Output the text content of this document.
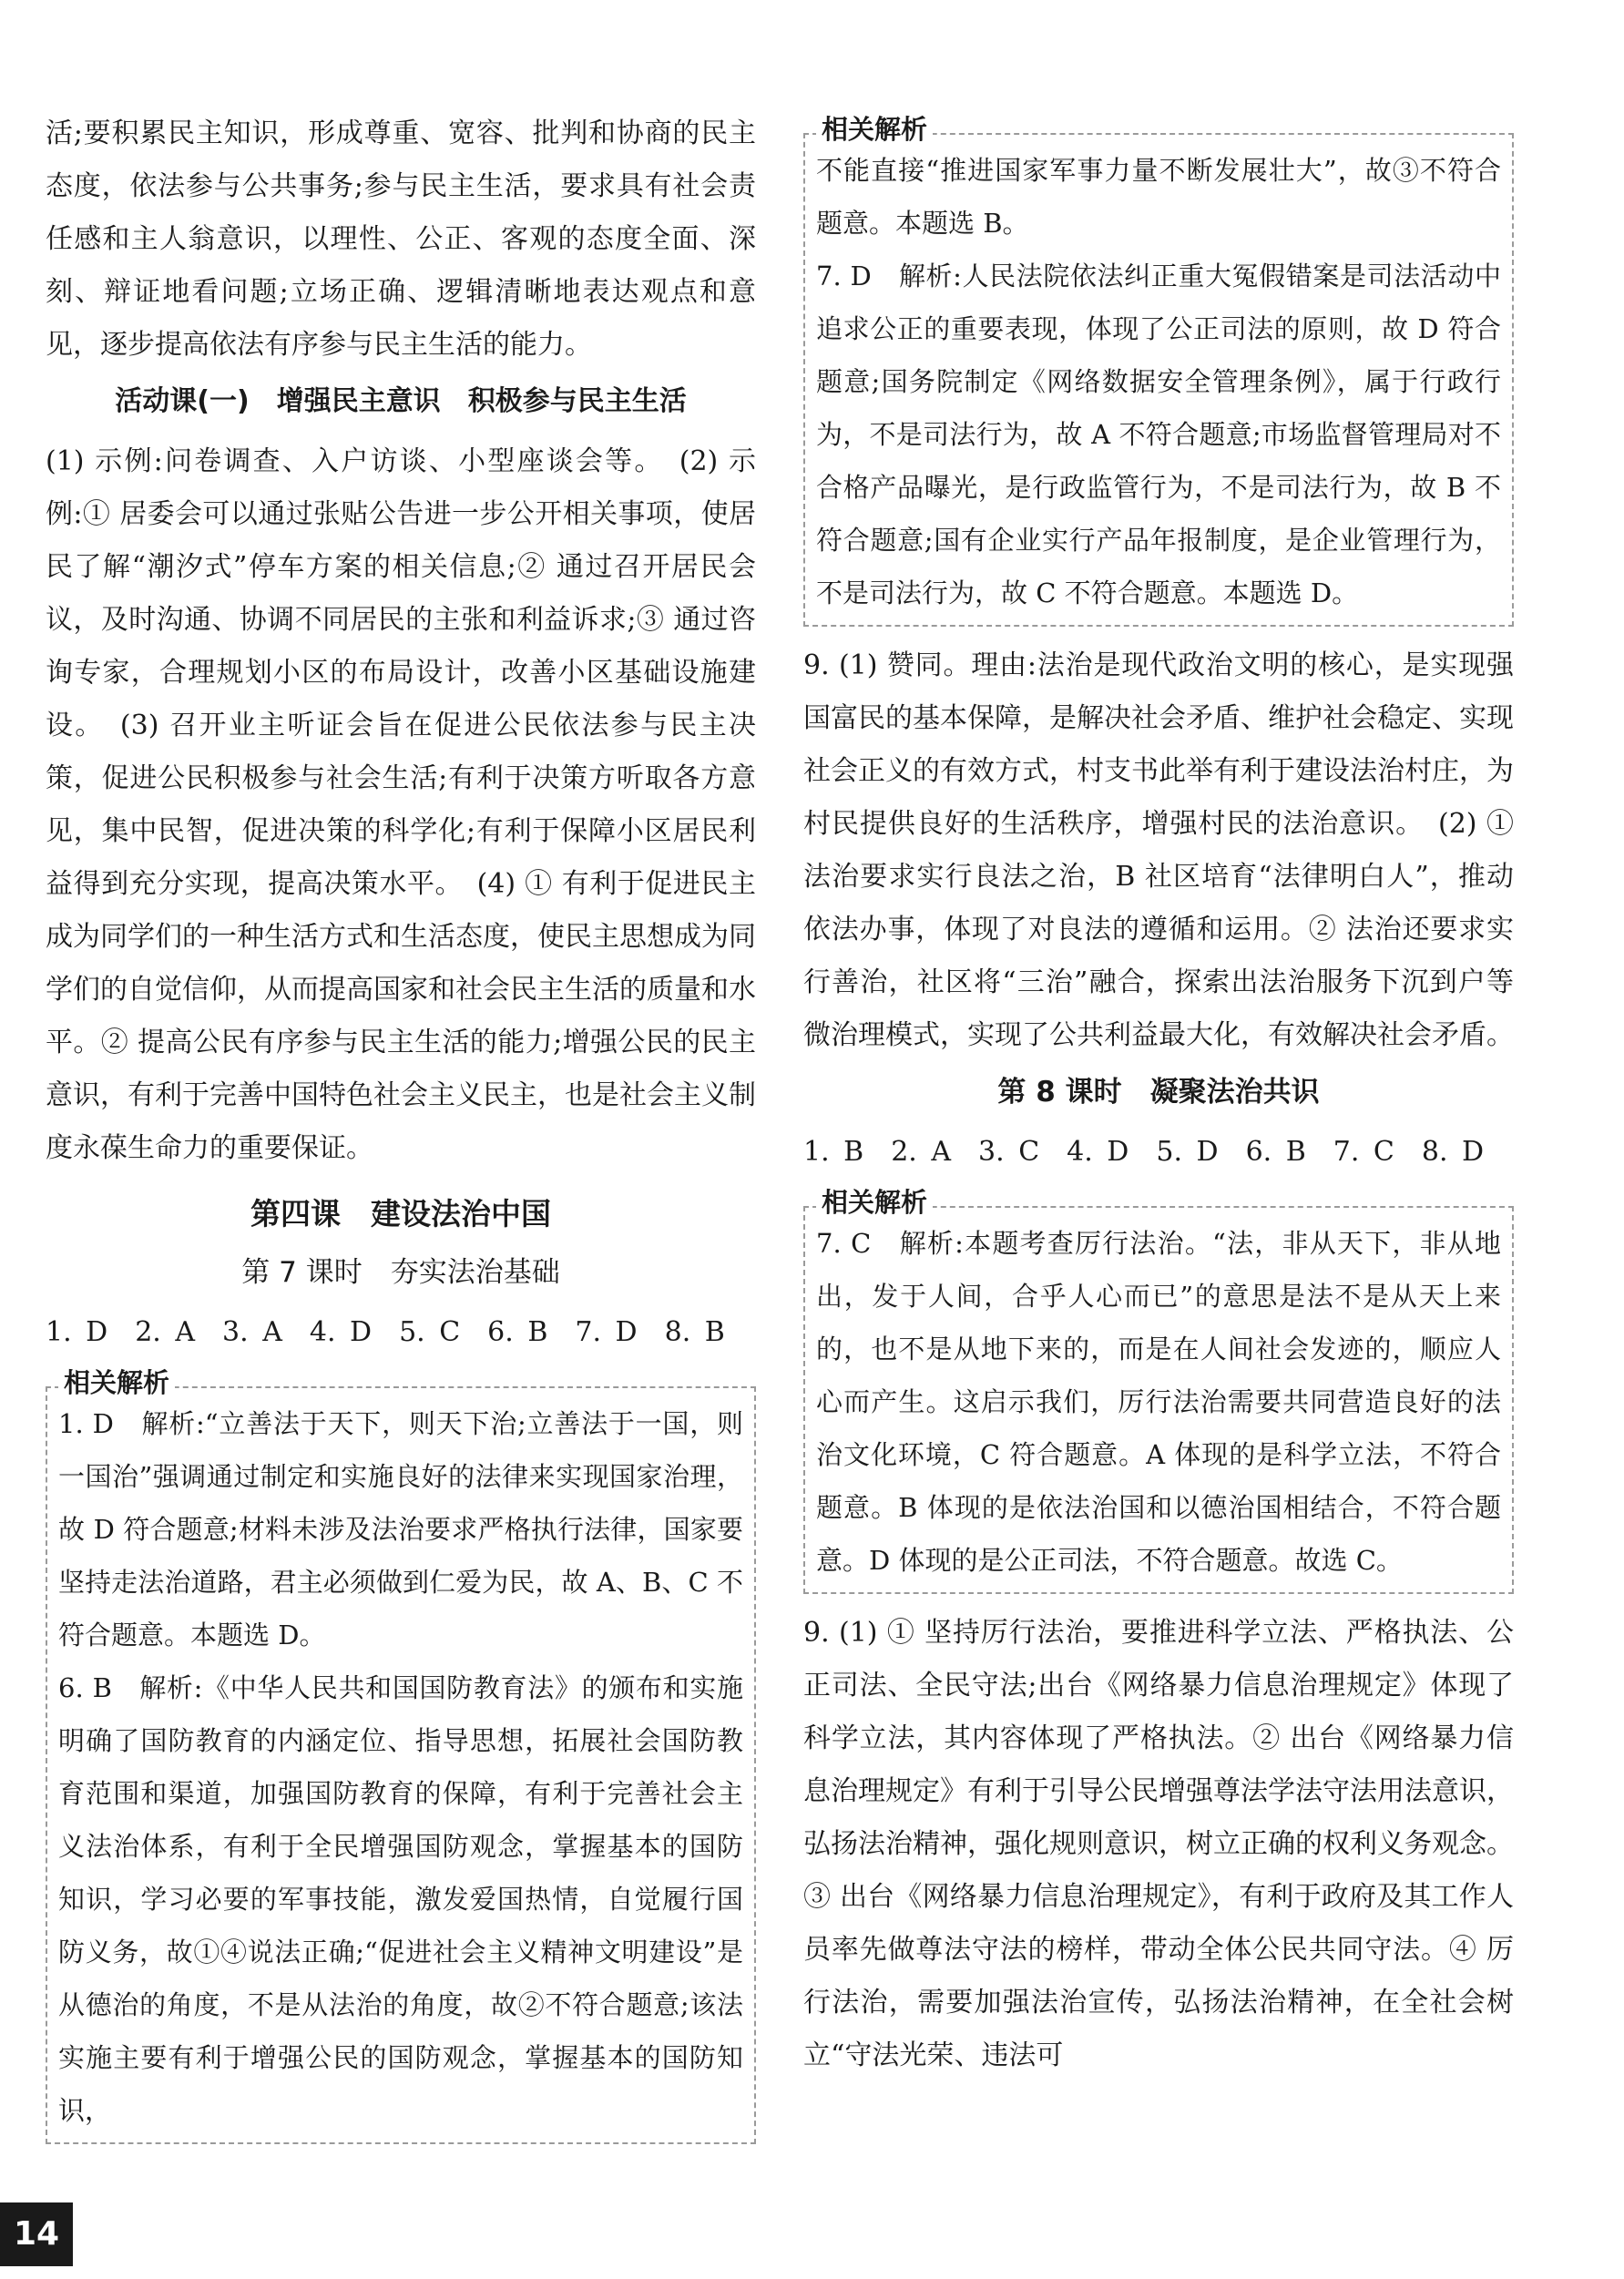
活;要积累民主知识，形成尊重、宽容、批判和协商的民主态度，依法参与公共事务;参与民主生活，要求具有社会责任感和主人翁意识，以理性、公正、客观的态度全面、深刻、辩证地看问题;立场正确、逻辑清晰地表达观点和意见，逐步提高依法有序参与民主生活的能力。

活动课(一)　增强民主意识　积极参与民主生活

(1) 示例:问卷调查、入户访谈、小型座谈会等。　(2) 示例:① 居委会可以通过张贴公告进一步公开相关事项，使居民了解“潮汐式”停车方案的相关信息;② 通过召开居民会议，及时沟通、协调不同居民的主张和利益诉求;③ 通过咨询专家，合理规划小区的布局设计，改善小区基础设施建设。　(3) 召开业主听证会旨在促进公民依法参与民主决策，促进公民积极参与社会生活;有利于决策方听取各方意见，集中民智，促进决策的科学化;有利于保障小区居民利益得到充分实现，提高决策水平。　(4) ① 有利于促进民主成为同学们的一种生活方式和生活态度，使民主思想成为同学们的自觉信仰，从而提高国家和社会民主生活的质量和水平。② 提高公民有序参与民主生活的能力;增强公民的民主意识，有利于完善中国特色社会主义民主，也是社会主义制度永葆生命力的重要保证。

第四课　建设法治中国
第 7 课时　夯实法治基础
1. D　2. A　3. A　4. D　5. C　6. B　7. D　8. B
相关解析

1. D　解析:“立善法于天下，则天下治;立善法于一国，则一国治”强调通过制定和实施良好的法律来实现国家治理，故 D 符合题意;材料未涉及法治要求严格执行法律，国家要坚持走法治道路，君主必须做到仁爱为民，故 A、B、C 不符合题意。本题选 D。

6. B　解析:《中华人民共和国国防教育法》的颁布和实施明确了国防教育的内涵定位、指导思想，拓展社会国防教育范围和渠道，加强国防教育的保障，有利于完善社会主义法治体系，有利于全民增强国防观念，掌握基本的国防知识，学习必要的军事技能，激发爱国热情，自觉履行国防义务，故①④说法正确;“促进社会主义精神文明建设”是从德治的角度，不是从法治的角度，故②不符合题意;该法实施主要有利于增强公民的国防观念，掌握基本的国防知识，

相关解析

不能直接“推进国家军事力量不断发展壮大”，故③不符合题意。本题选 B。

7. D　解析:人民法院依法纠正重大冤假错案是司法活动中追求公正的重要表现，体现了公正司法的原则，故 D 符合题意;国务院制定《网络数据安全管理条例》，属于行政行为，不是司法行为，故 A 不符合题意;市场监督管理局对不合格产品曝光，是行政监管行为，不是司法行为，故 B 不符合题意;国有企业实行产品年报制度，是企业管理行为，不是司法行为，故 C 不符合题意。本题选 D。

9. (1) 赞同。理由:法治是现代政治文明的核心，是实现强国富民的基本保障，是解决社会矛盾、维护社会稳定、实现社会正义的有效方式，村支书此举有利于建设法治村庄，为村民提供良好的生活秩序，增强村民的法治意识。　(2) ① 法治要求实行良法之治，B 社区培育“法律明白人”，推动依法办事，体现了对良法的遵循和运用。② 法治还要求实行善治，社区将“三治”融合，探索出法治服务下沉到户等微治理模式，实现了公共利益最大化，有效解决社会矛盾。

第 8 课时　凝聚法治共识
1. B　2. A　3. C　4. D　5. D　6. B　7. C　8. D
相关解析

7. C　解析:本题考查厉行法治。“法，非从天下，非从地出，发于人间，合乎人心而已”的意思是法不是从天上来的，也不是从地下来的，而是在人间社会发迹的，顺应人心而产生。这启示我们，厉行法治需要共同营造良好的法治文化环境，C 符合题意。A 体现的是科学立法，不符合题意。B 体现的是依法治国和以德治国相结合，不符合题意。D 体现的是公正司法，不符合题意。故选 C。

9. (1) ① 坚持厉行法治，要推进科学立法、严格执法、公正司法、全民守法;出台《网络暴力信息治理规定》体现了科学立法，其内容体现了严格执法。② 出台《网络暴力信息治理规定》有利于引导公民增强尊法学法守法用法意识，弘扬法治精神，强化规则意识，树立正确的权利义务观念。③ 出台《网络暴力信息治理规定》，有利于政府及其工作人员率先做尊法守法的榜样，带动全体公民共同守法。④ 厉行法治，需要加强法治宣传，弘扬法治精神，在全社会树立“守法光荣、违法可

14
